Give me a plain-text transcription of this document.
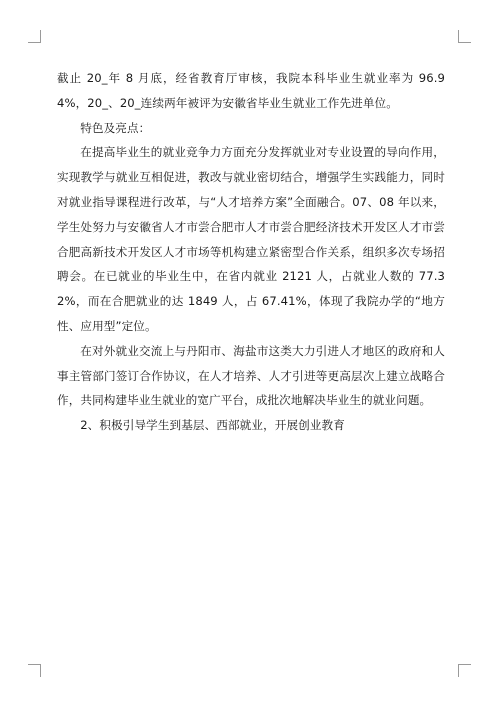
截止 20_年 8 月底，经省教育厅审核，我院本科毕业生就业率为 96.94%，20_、20_连续两年被评为安徽省毕业生就业工作先进单位。

特色及亮点：

在提高毕业生的就业竞争力方面充分发挥就业对专业设置的导向作用，实现教学与就业互相促进，教改与就业密切结合，增强学生实践能力，同时对就业指导课程进行改革，与“人才培养方案”全面融合。07、08 年以来，学生处努力与安徽省人才市尝合肥市人才市尝合肥经济技术开发区人才市尝合肥高新技术开发区人才市场等机构建立紧密型合作关系，组织多次专场招聘会。在已就业的毕业生中，在省内就业 2121 人，占就业人数的 77.32%，而在合肥就业的达 1849 人，占 67.41%，体现了我院办学的“地方性、应用型”定位。

在对外就业交流上与丹阳市、海盐市这类大力引进人才地区的政府和人事主管部门签订合作协议，在人才培养、人才引进等更高层次上建立战略合作，共同构建毕业生就业的宽广平台，成批次地解决毕业生的就业问题。

2、积极引导学生到基层、西部就业，开展创业教育
